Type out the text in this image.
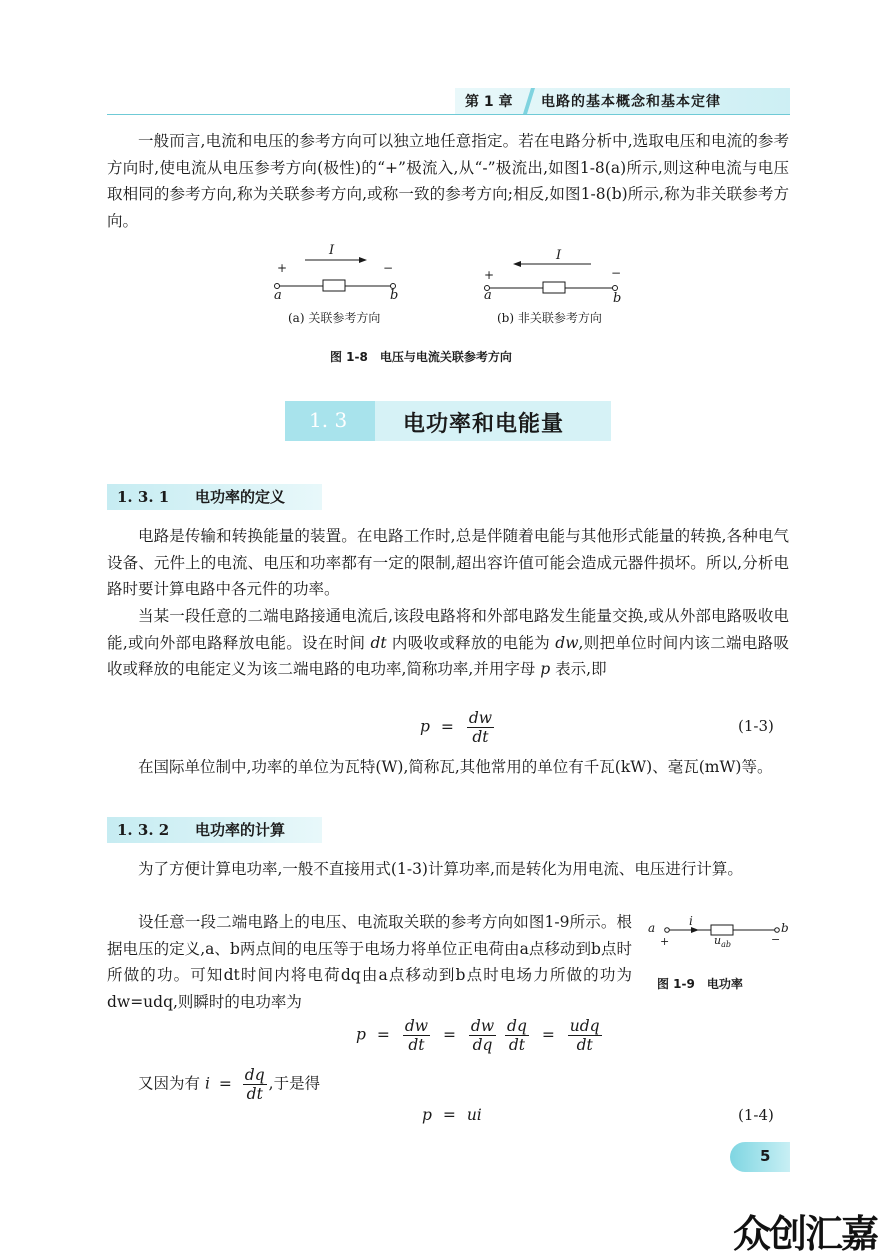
第 1 章 电路的基本概念和基本定律

一般而言,电流和电压的参考方向可以独立地任意指定。若在电路分析中,选取电压和电流的参考方向时,使电流从电压参考方向(极性)的“+”极流入,从“-”极流出,如图1-8(a)所示,则这种电流与电压取相同的参考方向,称为关联参考方向,或称一致的参考方向;相反,如图1-8(b)所示,称为非关联参考方向。

I
+	−
a	b
(a) 关联参考方向
I
+	−
a	b
(b) 非关联参考方向
图 1-8　电压与电流关联参考方向
1. 3	电功率和电能量
1. 3. 1 电功率的定义

电路是传输和转换能量的装置。在电路工作时,总是伴随着电能与其他形式能量的转换,各种电气设备、元件上的电流、电压和功率都有一定的限制,超出容许值可能会造成元器件损坏。所以,分析电路时要计算电路中各元件的功率。

当某一段任意的二端电路接通电流后,该段电路将和外部电路发生能量交换,或从外部电路吸收电能,或向外部电路释放电能。设在时间 dt 内吸收或释放的电能为 dw,则把单位时间内该二端电路吸收或释放的电能定义为该二端电路的电功率,简称功率,并用字母 p 表示,即

$p = \frac{dw}{dt}$	(1-3)

在国际单位制中,功率的单位为瓦特(W),简称瓦,其他常用的单位有千瓦(kW)、毫瓦(mW)等。

1. 3. 2 电功率的计算

为了方便计算电功率,一般不直接用式(1-3)计算功率,而是转化为用电流、电压进行计算。

设任意一段二端电路上的电压、电流取关联的参考方向如图1-9所示。根据电压的定义,a、b两点间的电压等于电场力将单位正电荷由a点移动到b点时所做的功。可知dt时间内将电荷dq由a点移动到b点时电场力所做的功为dw=udq,则瞬时的电功率为

a	b
i
+	−
$u_{ab}$
图 1-9　电功率
$p = \frac{dw}{dt} = \frac{dw}{dq}$
$\frac{dq}{dt} = \frac{\text{udq}}{dt}$
又因为有 $i = \frac{dq}{dt}$ ,于是得
p = ui	(1-4)
5
众创汇嘉
